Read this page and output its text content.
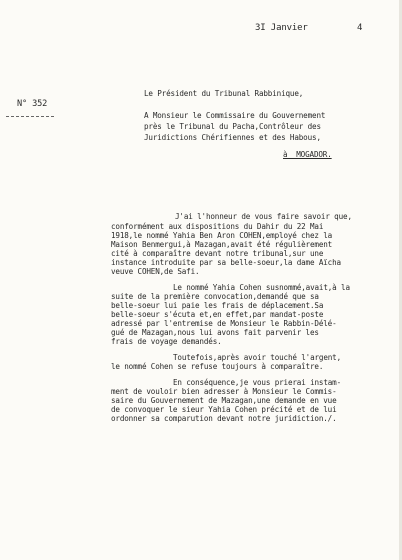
3I Janvier	4
N° 352
Le Président du Tribunal Rabbinique,
A Monsieur le Commissaire du Gouvernement
près le Tribunal du Pacha,Contrôleur des
Juridictions Chérifiennes et des Habous,
à  MOGADOR.
J'ai l'honneur de vous faire savoir que,
conformément aux dispositions du Dahir du 22 Mai
1918,le nommé Yahia Ben Aron COHEN,employé chez la
Maison Benmergui,à Mazagan,avait été régulièrement
cité à comparaître devant notre tribunal,sur une
instance introduite par sa belle-soeur,la dame Aïcha
veuve COHEN,de Safi.
Le nommé Yahia Cohen susnommé,avait,à la
suite de la première convocation,demandé que sa
belle-soeur lui paie les frais de déplacement.Sa
belle-soeur s'écuta et,en effet,par mandat-poste
adressé par l'entremise de Monsieur le Rabbin-Délé-
gué de Mazagan,nous lui avons fait parvenir les
frais de voyage demandés.
Toutefois,après avoir touché l'argent,
le nommé Cohen se refuse toujours à comparaître.
En conséquence,je vous prierai instam-
ment de vouloir bien adresser à Monsieur le Commis-
saire du Gouvernement de Mazagan,une demande en vue
de convoquer le sieur Yahia Cohen précité et de lui
ordonner sa comparution devant notre juridiction./.
